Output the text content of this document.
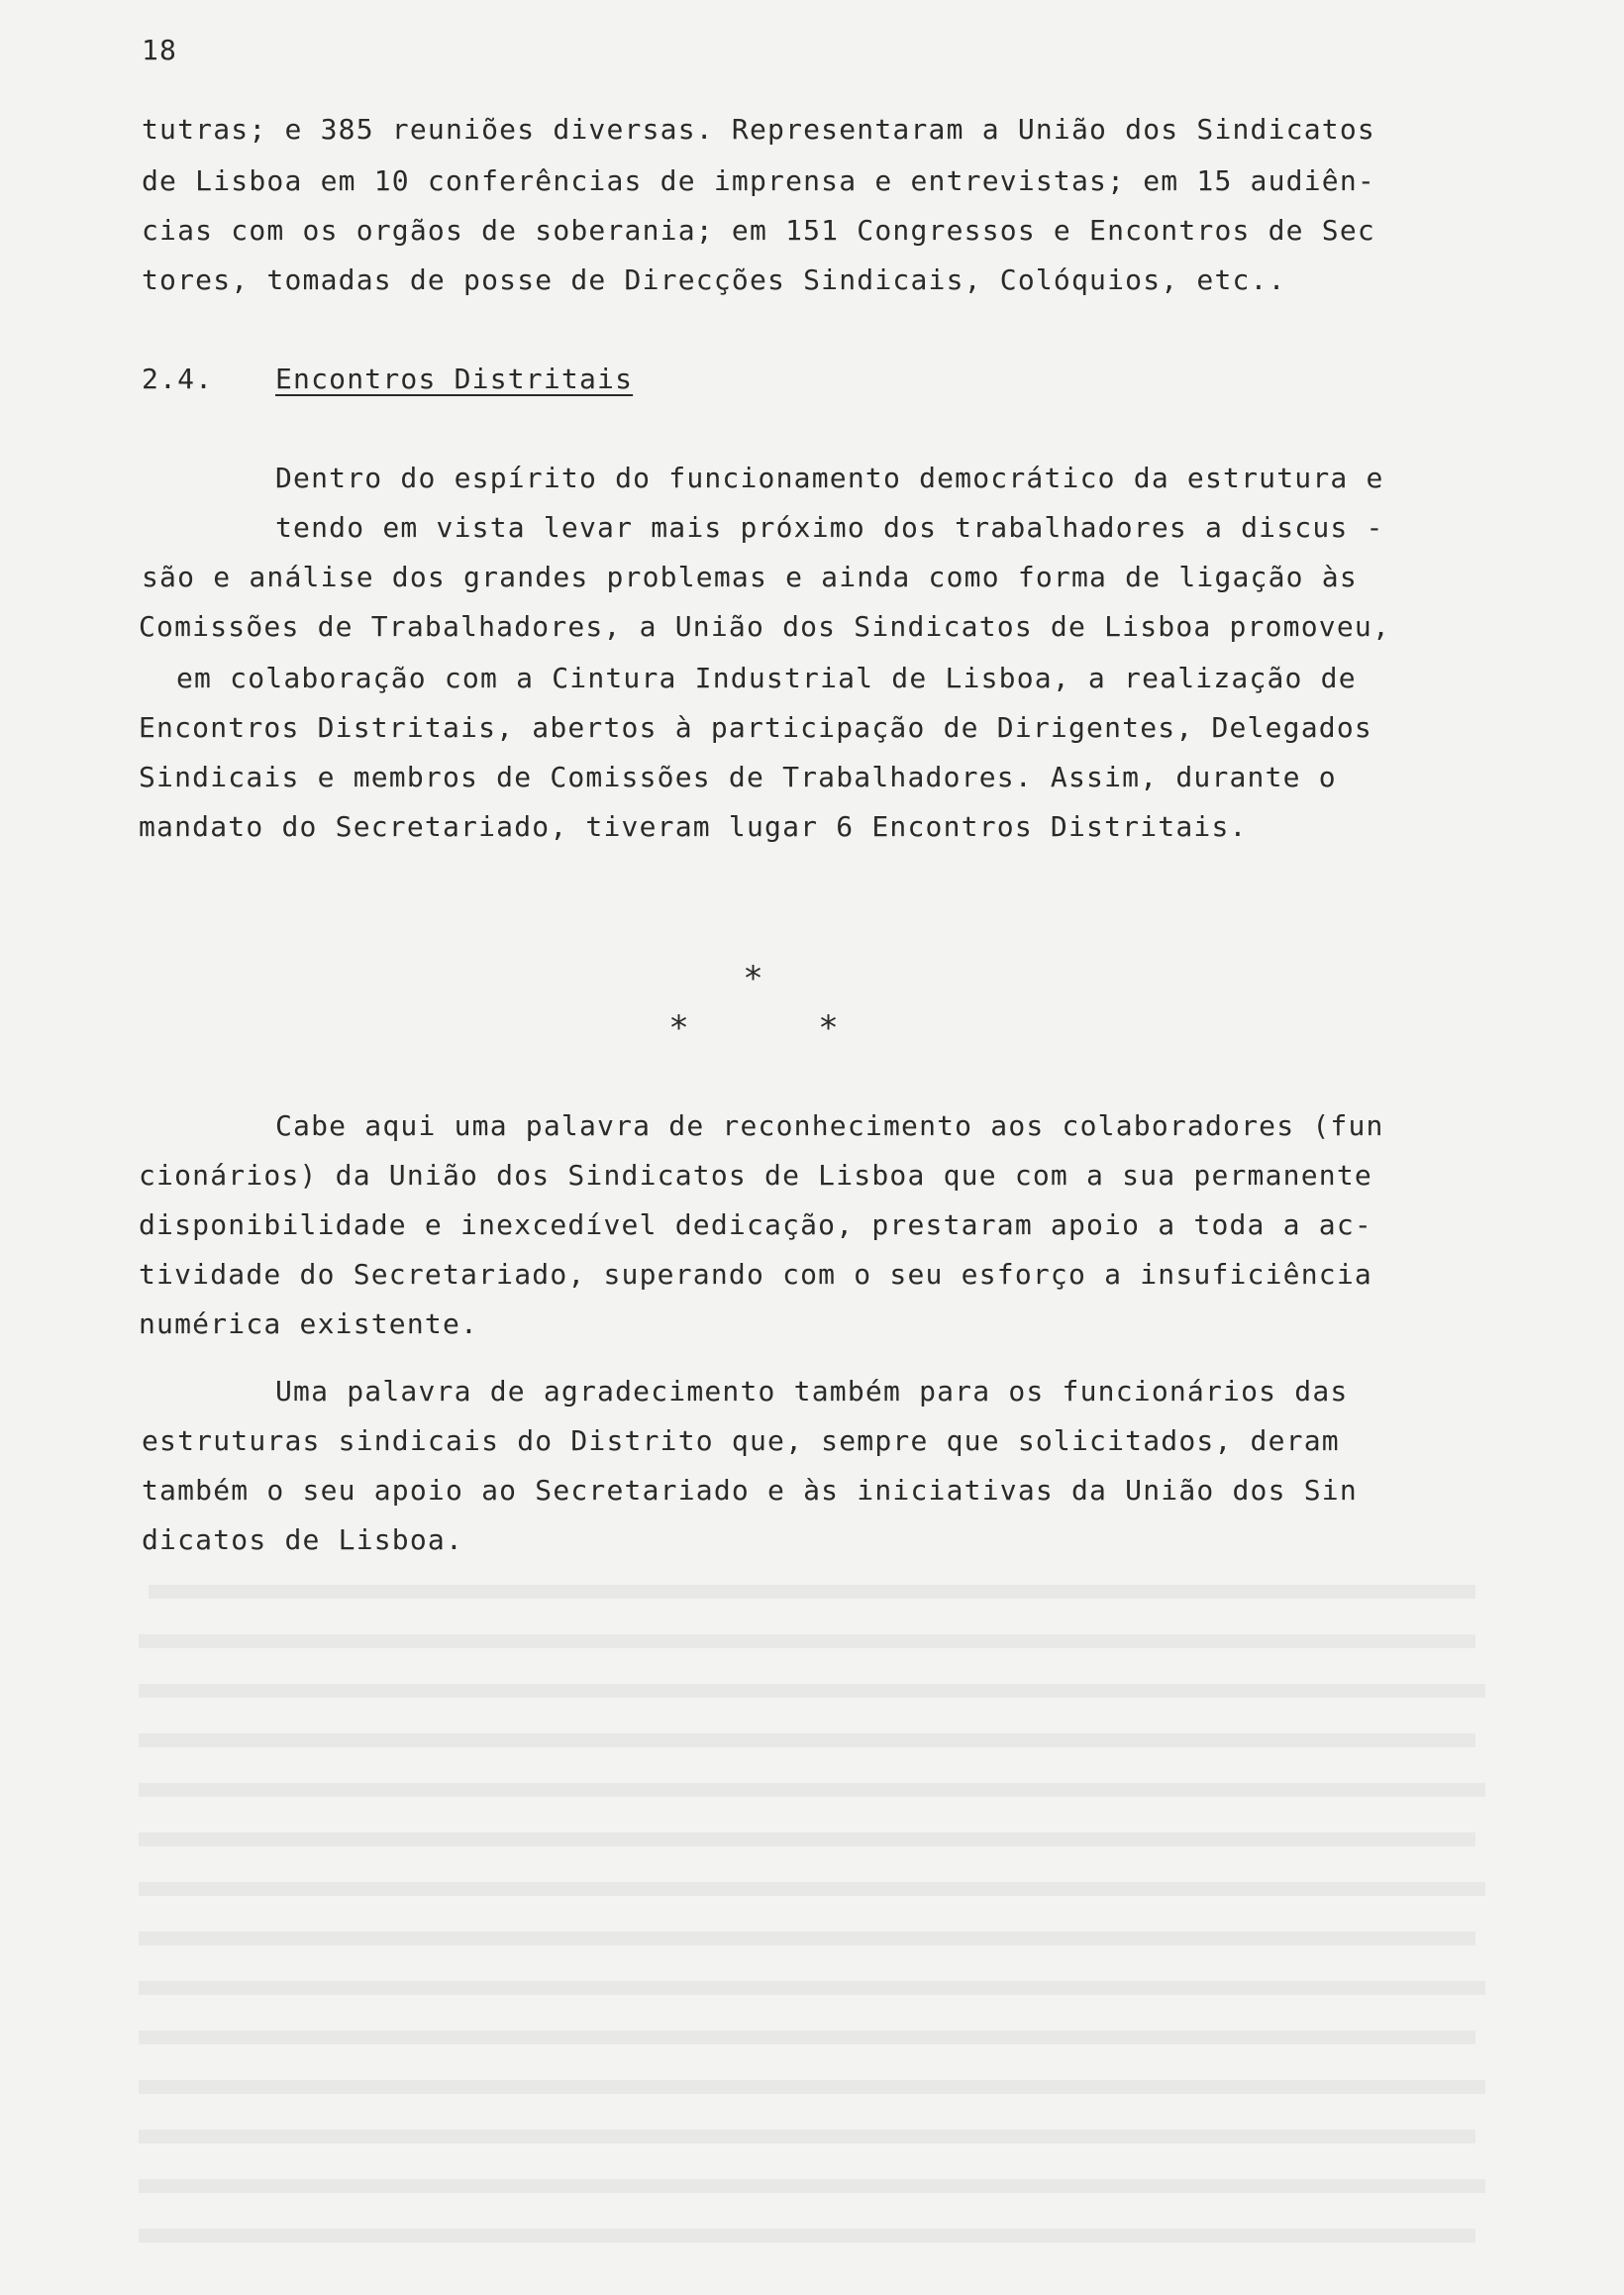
18
tutras; e 385 reuniões diversas. Representaram a União dos Sindicatos
de Lisboa em 10 conferências de imprensa e entrevistas; em 15 audiên-
cias com os orgãos de soberania; em 151 Congressos e Encontros de Sec
tores, tomadas de posse de Direcções Sindicais, Colóquios, etc..
2.4. Encontros Distritais
Dentro do espírito do funcionamento democrático da estrutura e
tendo em vista levar mais próximo dos trabalhadores a discus -
são e análise dos grandes problemas e ainda como forma de ligação às
Comissões de Trabalhadores, a União dos Sindicatos de Lisboa promoveu,
em colaboração com a Cintura Industrial de Lisboa, a realização de
Encontros Distritais, abertos à participação de Dirigentes, Delegados
Sindicais e membros de Comissões de Trabalhadores. Assim, durante o
mandato do Secretariado, tiveram lugar 6 Encontros Distritais.
*
*	*
Cabe aqui uma palavra de reconhecimento aos colaboradores (fun
cionários) da União dos Sindicatos de Lisboa que com a sua permanente
disponibilidade e inexcedível dedicação, prestaram apoio a toda a ac-
tividade do Secretariado, superando com o seu esforço a insuficiência
numérica existente.
Uma palavra de agradecimento também para os funcionários das
estruturas sindicais do Distrito que, sempre que solicitados, deram
também o seu apoio ao Secretariado e às iniciativas da União dos Sin
dicatos de Lisboa.
